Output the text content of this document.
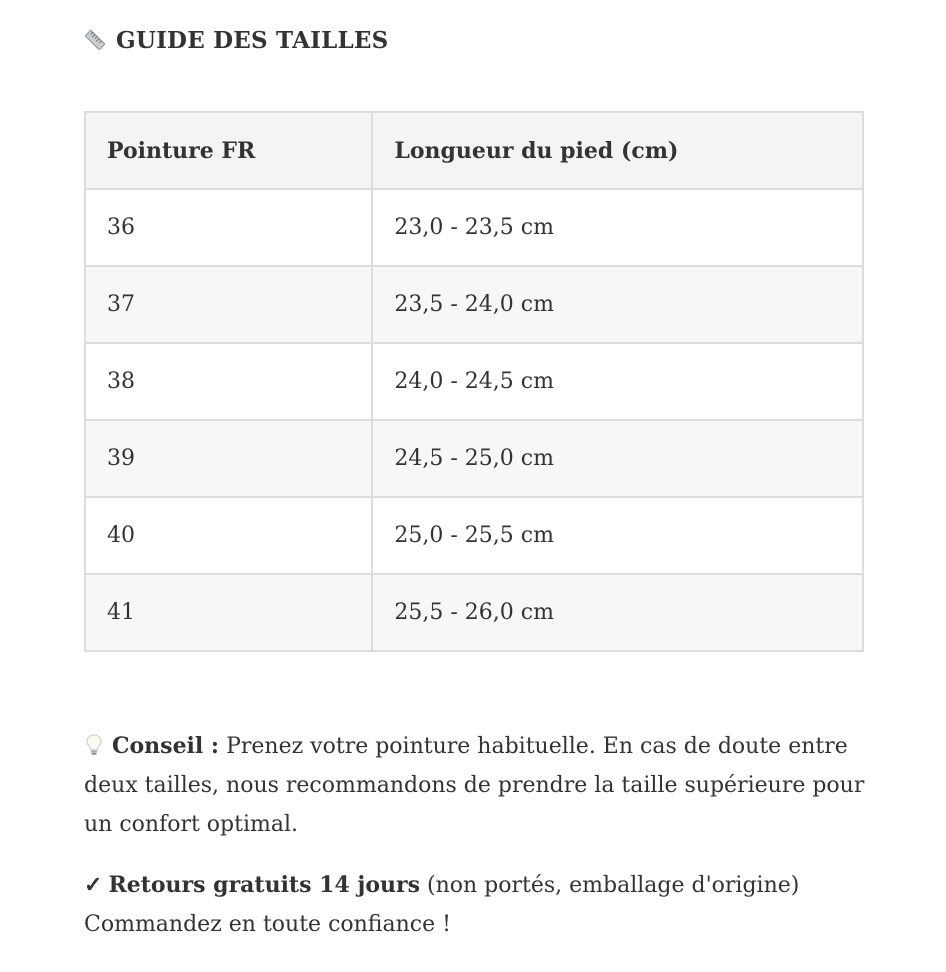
GUIDE DES TAILLES
Pointure FR	Longueur du pied (cm)
36	23,0 - 23,5 cm
37	23,5 - 24,0 cm
38	24,0 - 24,5 cm
39	24,5 - 25,0 cm
40	25,0 - 25,5 cm
41	25,5 - 26,0 cm
Conseil : Prenez votre pointure habituelle. En cas de doute entre deux tailles, nous recommandons de prendre la taille supérieure pour un confort optimal.
✓ Retours gratuits 14 jours (non portés, emballage d'origine)
Commandez en toute confiance !
